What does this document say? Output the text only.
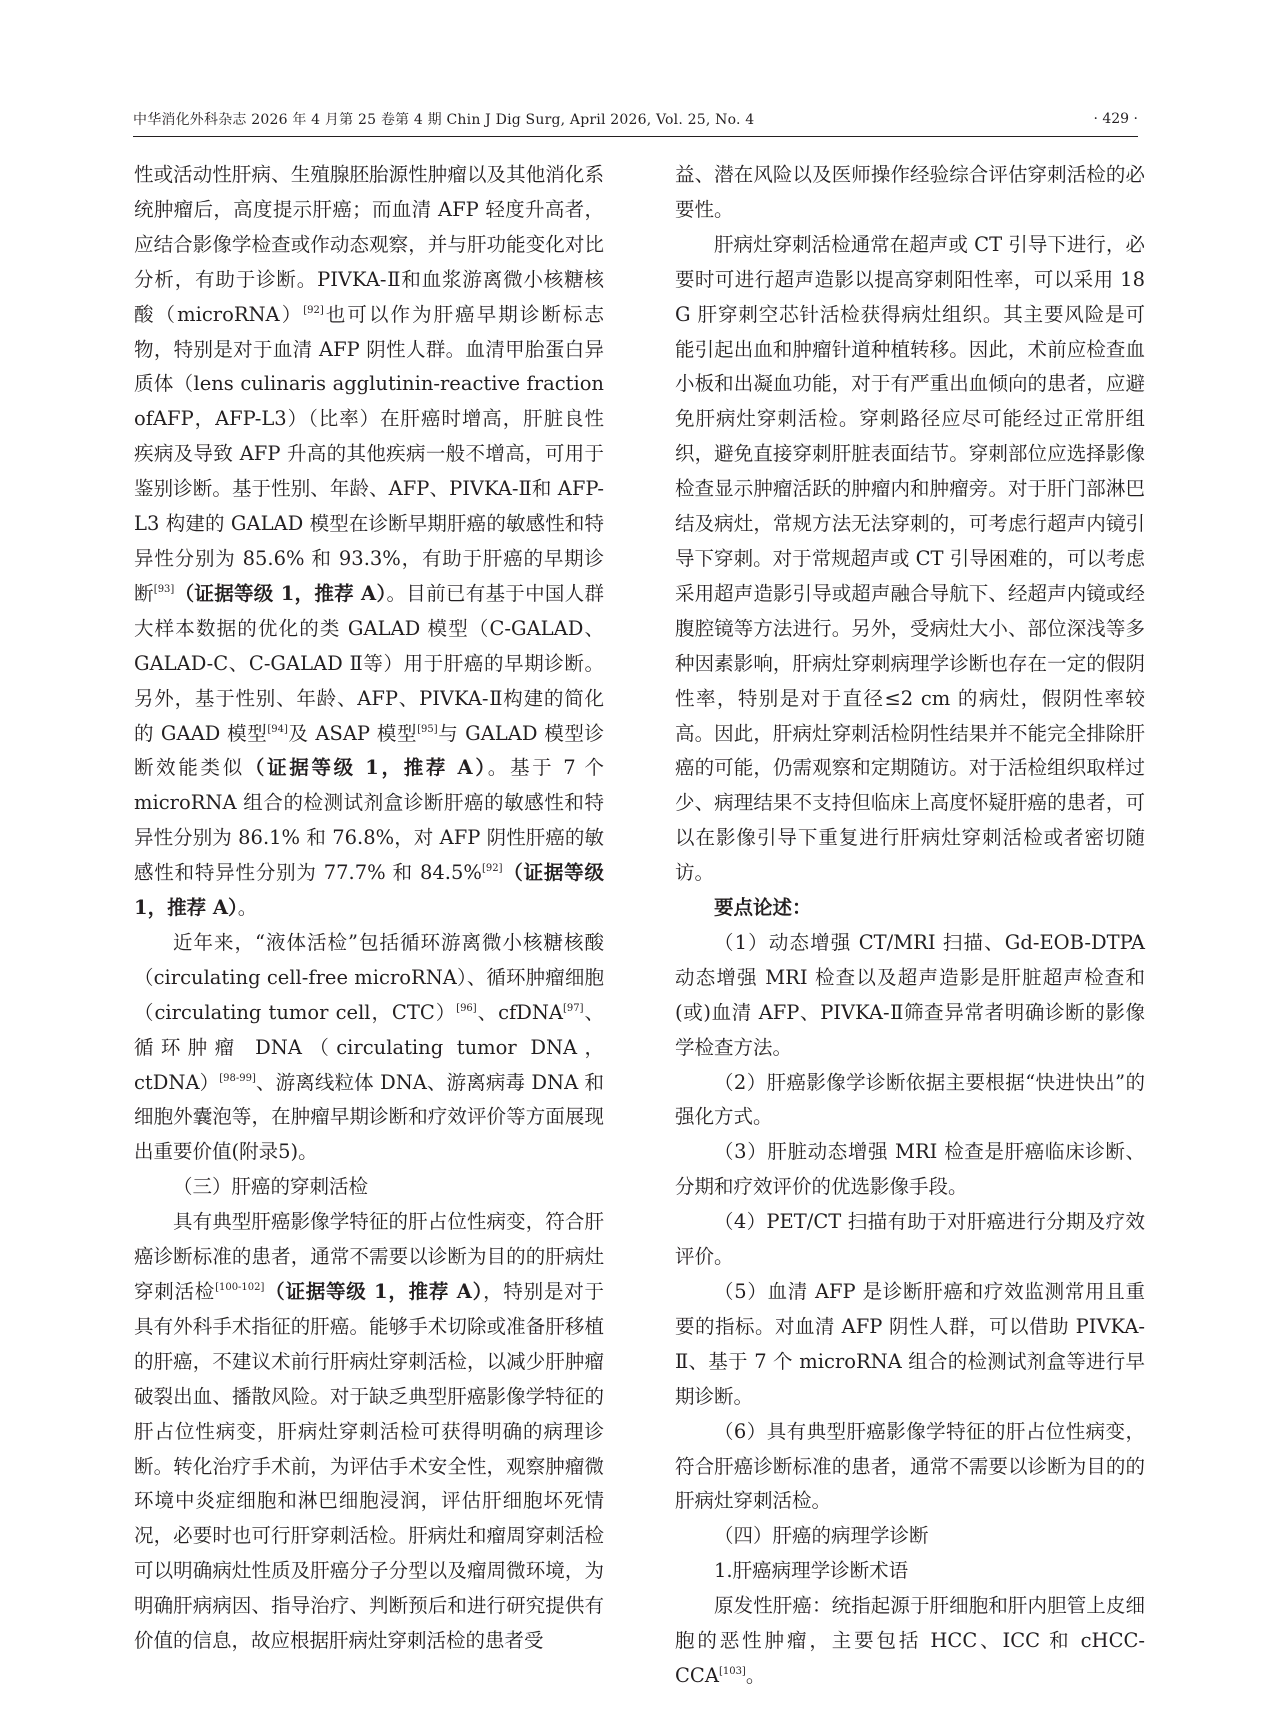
中华消化外科杂志 2026 年 4 月第 25 卷第 4 期 Chin J Dig Surg, April 2026, Vol. 25, No. 4	· 429 ·

性或活动性肝病、生殖腺胚胎源性肿瘤以及其他消化系统肿瘤后，高度提示肝癌；而血清 AFP 轻度升高者，应结合影像学检查或作动态观察，并与肝功能变化对比分析，有助于诊断。PIVKA-Ⅱ和血浆游离微小核糖核酸（microRNA）[92]也可以作为肝癌早期诊断标志物，特别是对于血清 AFP 阴性人群。血清甲胎蛋白异质体（lens culinaris agglutinin-reactive fraction ofAFP，AFP-L3）（比率）在肝癌时增高，肝脏良性疾病及导致 AFP 升高的其他疾病一般不增高，可用于鉴别诊断。基于性别、年龄、AFP、PIVKA-Ⅱ和 AFP-L3 构建的 GALAD 模型在诊断早期肝癌的敏感性和特异性分别为 85.6% 和 93.3%，有助于肝癌的早期诊断[93]（证据等级 1，推荐 A）。目前已有基于中国人群大样本数据的优化的类 GALAD 模型（C-GALAD、GALAD-C、C-GALAD Ⅱ等）用于肝癌的早期诊断。另外，基于性别、年龄、AFP、PIVKA-Ⅱ构建的简化的 GAAD 模型[94]及 ASAP 模型[95]与 GALAD 模型诊断效能类似（证据等级 1，推荐 A）。基于 7 个 microRNA 组合的检测试剂盒诊断肝癌的敏感性和特异性分别为 86.1% 和 76.8%，对 AFP 阴性肝癌的敏感性和特异性分别为 77.7% 和 84.5%[92]（证据等级 1，推荐 A）。

近年来，“液体活检”包括循环游离微小核糖核酸（circulating cell-free microRNA）、循环肿瘤细胞（circulating tumor cell，CTC）[96]、cfDNA[97]、循环肿瘤 DNA（circulating tumor DNA，ctDNA）[98-99]、游离线粒体 DNA、游离病毒 DNA 和细胞外囊泡等，在肿瘤早期诊断和疗效评价等方面展现出重要价值(附录5)。

（三）肝癌的穿刺活检

具有典型肝癌影像学特征的肝占位性病变，符合肝癌诊断标准的患者，通常不需要以诊断为目的的肝病灶穿刺活检[100-102]（证据等级 1，推荐 A），特别是对于具有外科手术指征的肝癌。能够手术切除或准备肝移植的肝癌，不建议术前行肝病灶穿刺活检，以减少肝肿瘤破裂出血、播散风险。对于缺乏典型肝癌影像学特征的肝占位性病变，肝病灶穿刺活检可获得明确的病理诊断。转化治疗手术前，为评估手术安全性，观察肿瘤微环境中炎症细胞和淋巴细胞浸润，评估肝细胞坏死情况，必要时也可行肝穿刺活检。肝病灶和瘤周穿刺活检可以明确病灶性质及肝癌分子分型以及瘤周微环境，为明确肝病病因、指导治疗、判断预后和进行研究提供有价值的信息，故应根据肝病灶穿刺活检的患者受

益、潜在风险以及医师操作经验综合评估穿刺活检的必要性。

肝病灶穿刺活检通常在超声或 CT 引导下进行，必要时可进行超声造影以提高穿刺阳性率，可以采用 18 G 肝穿刺空芯针活检获得病灶组织。其主要风险是可能引起出血和肿瘤针道种植转移。因此，术前应检查血小板和出凝血功能，对于有严重出血倾向的患者，应避免肝病灶穿刺活检。穿刺路径应尽可能经过正常肝组织，避免直接穿刺肝脏表面结节。穿刺部位应选择影像检查显示肿瘤活跃的肿瘤内和肿瘤旁。对于肝门部淋巴结及病灶，常规方法无法穿刺的，可考虑行超声内镜引导下穿刺。对于常规超声或 CT 引导困难的，可以考虑采用超声造影引导或超声融合导航下、经超声内镜或经腹腔镜等方法进行。另外，受病灶大小、部位深浅等多种因素影响，肝病灶穿刺病理学诊断也存在一定的假阴性率，特别是对于直径≤2 cm 的病灶，假阴性率较高。因此，肝病灶穿刺活检阴性结果并不能完全排除肝癌的可能，仍需观察和定期随访。对于活检组织取样过少、病理结果不支持但临床上高度怀疑肝癌的患者，可以在影像引导下重复进行肝病灶穿刺活检或者密切随访。

要点论述：

（1）动态增强 CT/MRI 扫描、Gd-EOB-DTPA 动态增强 MRI 检查以及超声造影是肝脏超声检查和(或)血清 AFP、PIVKA-Ⅱ筛查异常者明确诊断的影像学检查方法。

（2）肝癌影像学诊断依据主要根据“快进快出”的强化方式。

（3）肝脏动态增强 MRI 检查是肝癌临床诊断、分期和疗效评价的优选影像手段。

（4）PET/CT 扫描有助于对肝癌进行分期及疗效评价。

（5）血清 AFP 是诊断肝癌和疗效监测常用且重要的指标。对血清 AFP 阴性人群，可以借助 PIVKA-Ⅱ、基于 7 个 microRNA 组合的检测试剂盒等进行早期诊断。

（6）具有典型肝癌影像学特征的肝占位性病变，符合肝癌诊断标准的患者，通常不需要以诊断为目的的肝病灶穿刺活检。

（四）肝癌的病理学诊断

1.肝癌病理学诊断术语

原发性肝癌：统指起源于肝细胞和肝内胆管上皮细胞的恶性肿瘤，主要包括 HCC、ICC 和 cHCC-CCA[103]。
